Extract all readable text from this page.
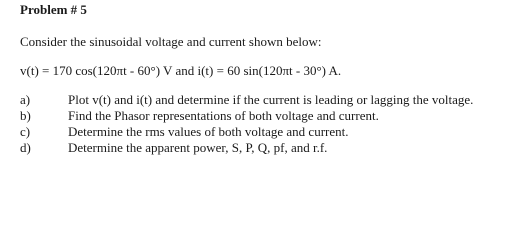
Problem # 5
Consider the sinusoidal voltage and current shown below:
v(t) = 170 cos(120πt - 60°) V and i(t) = 60 sin(120πt - 30°) A.
a)	Plot v(t) and i(t) and determine if the current is leading or lagging the voltage.
b)	Find the Phasor representations of both voltage and current.
c)	Determine the rms values of both voltage and current.
d)	Determine the apparent power, S, P, Q, pf, and r.f.
